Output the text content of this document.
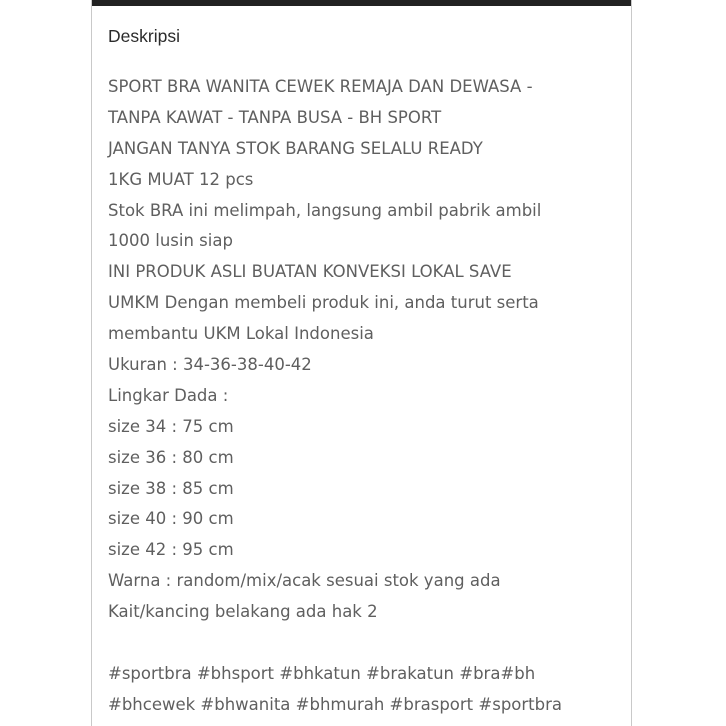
Deskripsi
SPORT BRA WANITA CEWEK REMAJA DAN DEWASA -
TANPA KAWAT - TANPA BUSA - BH SPORT
JANGAN TANYA STOK BARANG SELALU READY
1KG MUAT 12 pcs
Stok BRA ini melimpah, langsung ambil pabrik ambil
1000 lusin siap
INI PRODUK ASLI BUATAN KONVEKSI LOKAL SAVE
UMKM Dengan membeli produk ini, anda turut serta
membantu UKM Lokal Indonesia
Ukuran : 34-36-38-40-42
Lingkar Dada :
size 34 : 75 cm
size 36 : 80 cm
size 38 : 85 cm
size 40 : 90 cm
size 42 : 95 cm
Warna : random/mix/acak sesuai stok yang ada
Kait/kancing belakang ada hak 2
#sportbra #bhsport #bhkatun #brakatun #bra#bh
#bhcewek #bhwanita #bhmurah #brasport #sportbra
